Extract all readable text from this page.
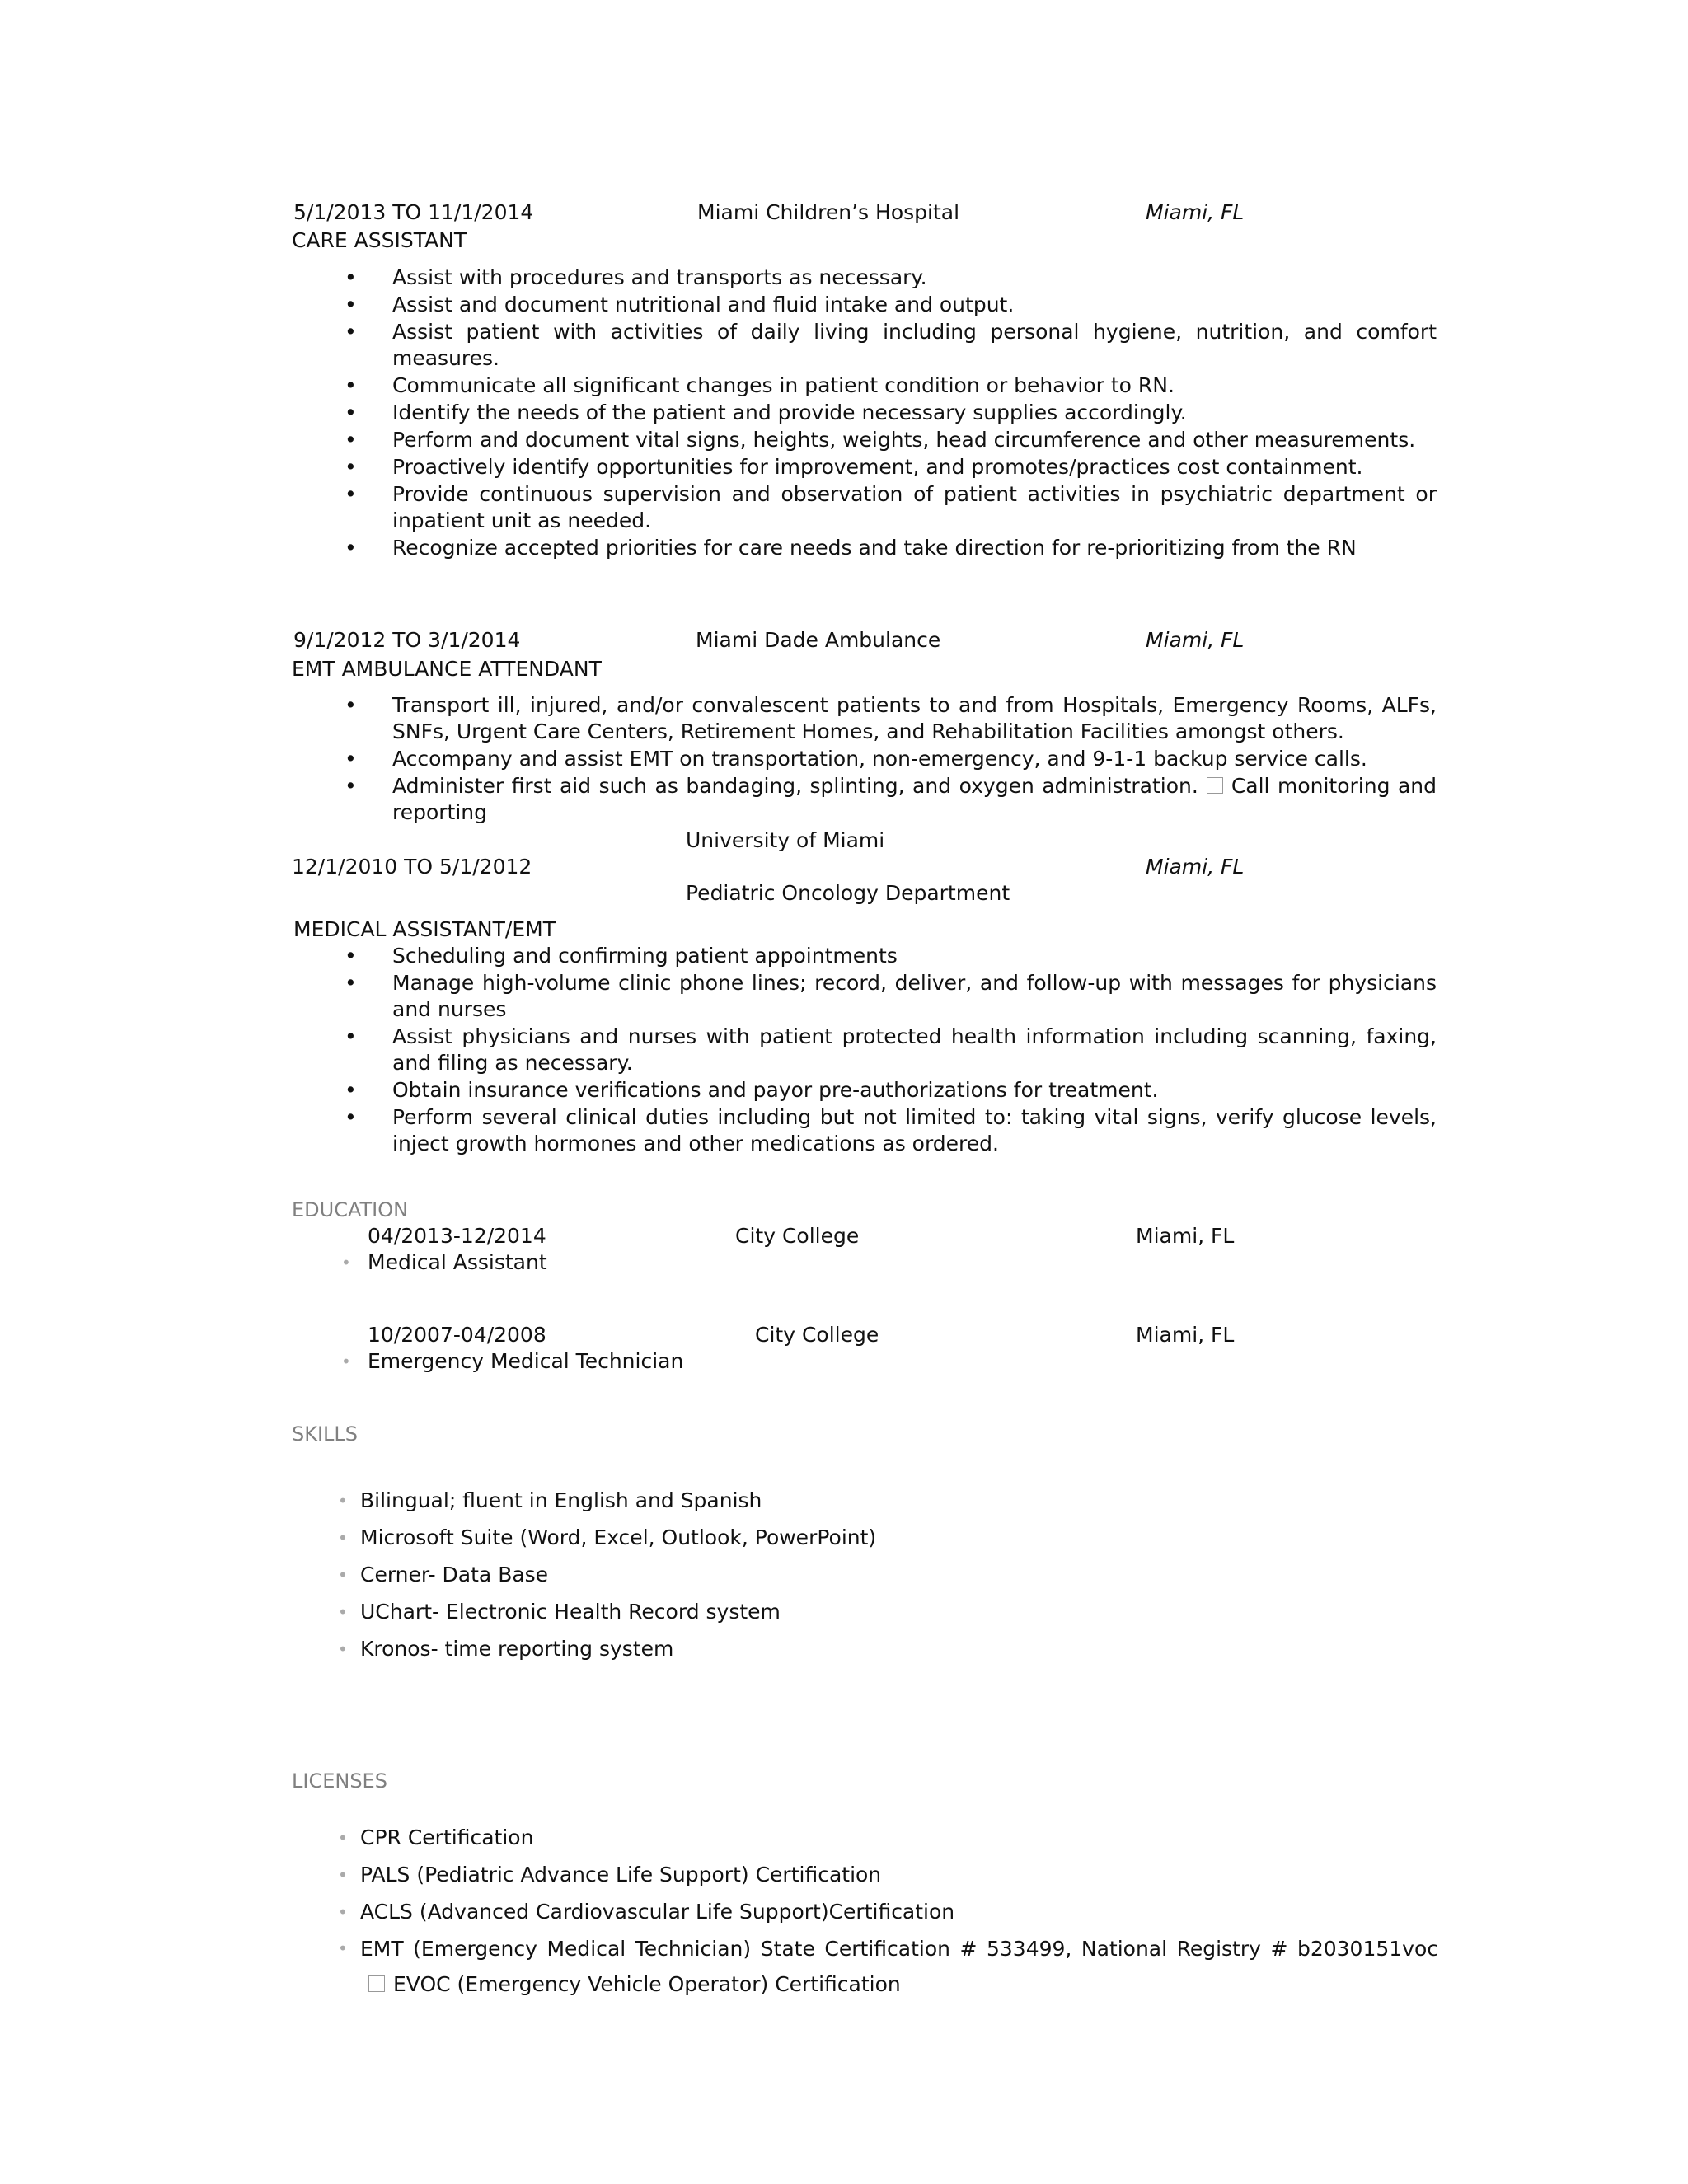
5/1/2013 TO 11/1/2014	Miami Children’s Hospital	Miami, FL
CARE ASSISTANT
• Assist with procedures and transports as necessary.
• Assist and document nutritional and fluid intake and output.
• Assist patient with activities of daily living including personal hygiene, nutrition, and comfort measures.
• Communicate all significant changes in patient condition or behavior to RN.
• Identify the needs of the patient and provide necessary supplies accordingly.
• Perform and document vital signs, heights, weights, head circumference and other measurements.
• Proactively identify opportunities for improvement, and promotes/practices cost containment.
• Provide continuous supervision and observation of patient activities in psychiatric department or inpatient unit as needed.
• Recognize accepted priorities for care needs and take direction for re-prioritizing from the RN
9/1/2012 TO 3/1/2014	Miami Dade Ambulance	Miami, FL
EMT AMBULANCE ATTENDANT
• Transport ill, injured, and/or convalescent patients to and from Hospitals, Emergency Rooms, ALFs, SNFs, Urgent Care Centers, Retirement Homes, and Rehabilitation Facilities amongst others.
• Accompany and assist EMT on transportation, non-emergency, and 9-1-1 backup service calls.
• Administer first aid such as bandaging, splinting, and oxygen administration. Call monitoring and reporting
University of Miami
12/1/2010 TO 5/1/2012	Miami, FL
Pediatric Oncology Department
MEDICAL ASSISTANT/EMT
• Scheduling and confirming patient appointments
• Manage high-volume clinic phone lines; record, deliver, and follow-up with messages for physicians and nurses
• Assist physicians and nurses with patient protected health information including scanning, faxing, and filing as necessary.
• Obtain insurance verifications and payor pre-authorizations for treatment.
• Perform several clinical duties including but not limited to: taking vital signs, verify glucose levels, inject growth hormones and other medications as ordered.
EDUCATION
04/2013-12/2014	City College	Miami, FL
• Medical Assistant
10/2007-04/2008	City College	Miami, FL
• Emergency Medical Technician
SKILLS
• Bilingual; fluent in English and Spanish
• Microsoft Suite (Word, Excel, Outlook, PowerPoint)
• Cerner- Data Base
• UChart- Electronic Health Record system
• Kronos- time reporting system
LICENSES
• CPR Certification
• PALS (Pediatric Advance Life Support) Certification
• ACLS (Advanced Cardiovascular Life Support)Certification
• EMT (Emergency Medical Technician) State Certification # 533499, National Registry # b2030151vocEVOC (Emergency Vehicle Operator) Certification
